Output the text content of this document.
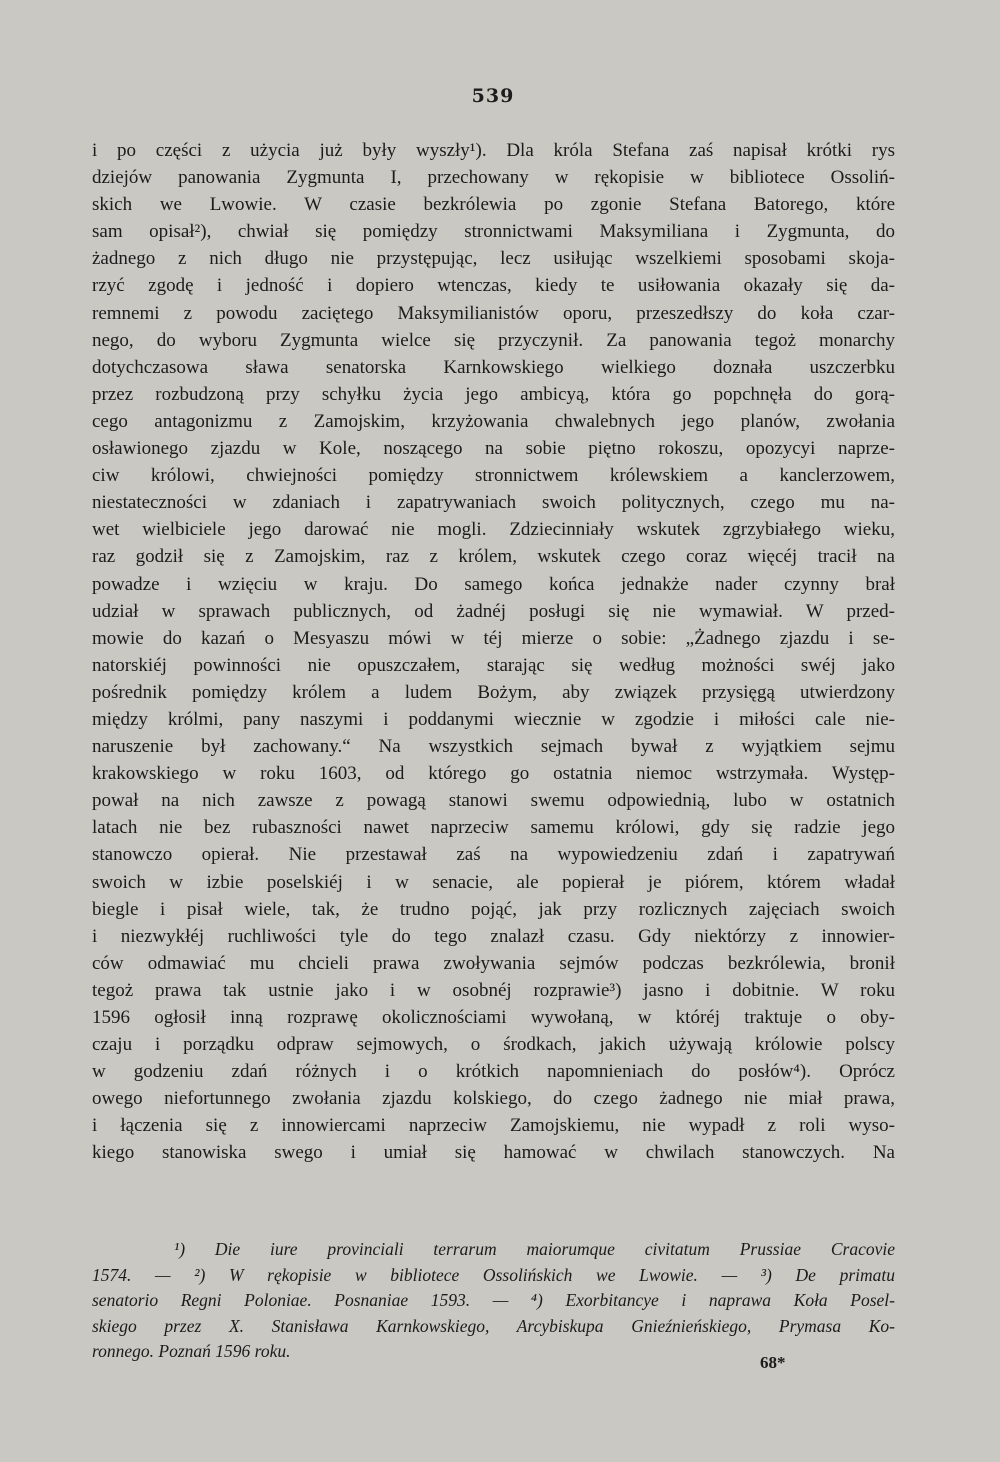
539
i po części z użycia już były wyszły¹). Dla króla Stefana zaś napisał krótki rys
dziejów panowania Zygmunta I, przechowany w rękopisie w bibliotece Ossoliń-
skich we Lwowie. W czasie bezkrólewia po zgonie Stefana Batorego, które
sam opisał²), chwiał się pomiędzy stronnictwami Maksymiliana i Zygmunta, do
żadnego z nich długo nie przystępując, lecz usiłując wszelkiemi sposobami skoja-
rzyć zgodę i jedność i dopiero wtenczas, kiedy te usiłowania okazały się da-
remnemi z powodu zaciętego Maksymilianistów oporu, przeszedłszy do koła czar-
nego, do wyboru Zygmunta wielce się przyczynił. Za panowania tegoż monarchy
dotychczasowa sława senatorska Karnkowskiego wielkiego doznała uszczerbku
przez rozbudzoną przy schyłku życia jego ambicyą, która go popchnęła do gorą-
cego antagonizmu z Zamojskim, krzyżowania chwalebnych jego planów, zwołania
osławionego zjazdu w Kole, noszącego na sobie piętno rokoszu, opozycyi naprze-
ciw królowi, chwiejności pomiędzy stronnictwem królewskiem a kanclerzowem,
niestateczności w zdaniach i zapatrywaniach swoich politycznych, czego mu na-
wet wielbiciele jego darować nie mogli. Zdziecinniały wskutek zgrzybiałego wieku,
raz godził się z Zamojskim, raz z królem, wskutek czego coraz więcéj tracił na
powadze i wzięciu w kraju. Do samego końca jednakże nader czynny brał
udział w sprawach publicznych, od żadnéj posługi się nie wymawiał. W przed-
mowie do kazań o Mesyaszu mówi w téj mierze o sobie: „Żadnego zjazdu i se-
natorskiéj powinności nie opuszczałem, starając się według możności swéj jako
pośrednik pomiędzy królem a ludem Bożym, aby związek przysięgą utwierdzony
między królmi, pany naszymi i poddanymi wiecznie w zgodzie i miłości cale nie-
naruszenie był zachowany.“ Na wszystkich sejmach bywał z wyjątkiem sejmu
krakowskiego w roku 1603, od którego go ostatnia niemoc wstrzymała. Występ-
pował na nich zawsze z powagą stanowi swemu odpowiednią, lubo w ostatnich
latach nie bez rubaszności nawet naprzeciw samemu królowi, gdy się radzie jego
stanowczo opierał. Nie przestawał zaś na wypowiedzeniu zdań i zapatrywań
swoich w izbie poselskiéj i w senacie, ale popierał je piórem, którem władał
biegle i pisał wiele, tak, że trudno pojąć, jak przy rozlicznych zajęciach swoich
i niezwykłéj ruchliwości tyle do tego znalazł czasu. Gdy niektórzy z innowier-
ców odmawiać mu chcieli prawa zwoływania sejmów podczas bezkrólewia, bronił
tegoż prawa tak ustnie jako i w osobnéj rozprawie³) jasno i dobitnie. W roku
1596 ogłosił inną rozprawę okolicznościami wywołaną, w któréj traktuje o oby-
czaju i porządku odpraw sejmowych, o środkach, jakich używają królowie polscy
w godzeniu zdań różnych i o krótkich napomnieniach do posłów⁴). Oprócz
owego niefortunnego zwołania zjazdu kolskiego, do czego żadnego nie miał prawa,
i łączenia się z innowiercami naprzeciw Zamojskiemu, nie wypadł z roli wyso-
kiego stanowiska swego i umiał się hamować w chwilach stanowczych. Na
¹) Die iure provinciali terrarum maiorumque civitatum Prussiae Cracovie
1574. — ²) W rękopisie w bibliotece Ossolińskich we Lwowie. — ³) De primatu
senatorio Regni Poloniae. Posnaniae 1593. — ⁴) Exorbitancye i naprawa Koła Posel-
skiego przez X. Stanisława Karnkowskiego, Arcybiskupa Gnieźnieńskiego, Prymasa Ko-
ronnego. Poznań 1596 roku.
68*
